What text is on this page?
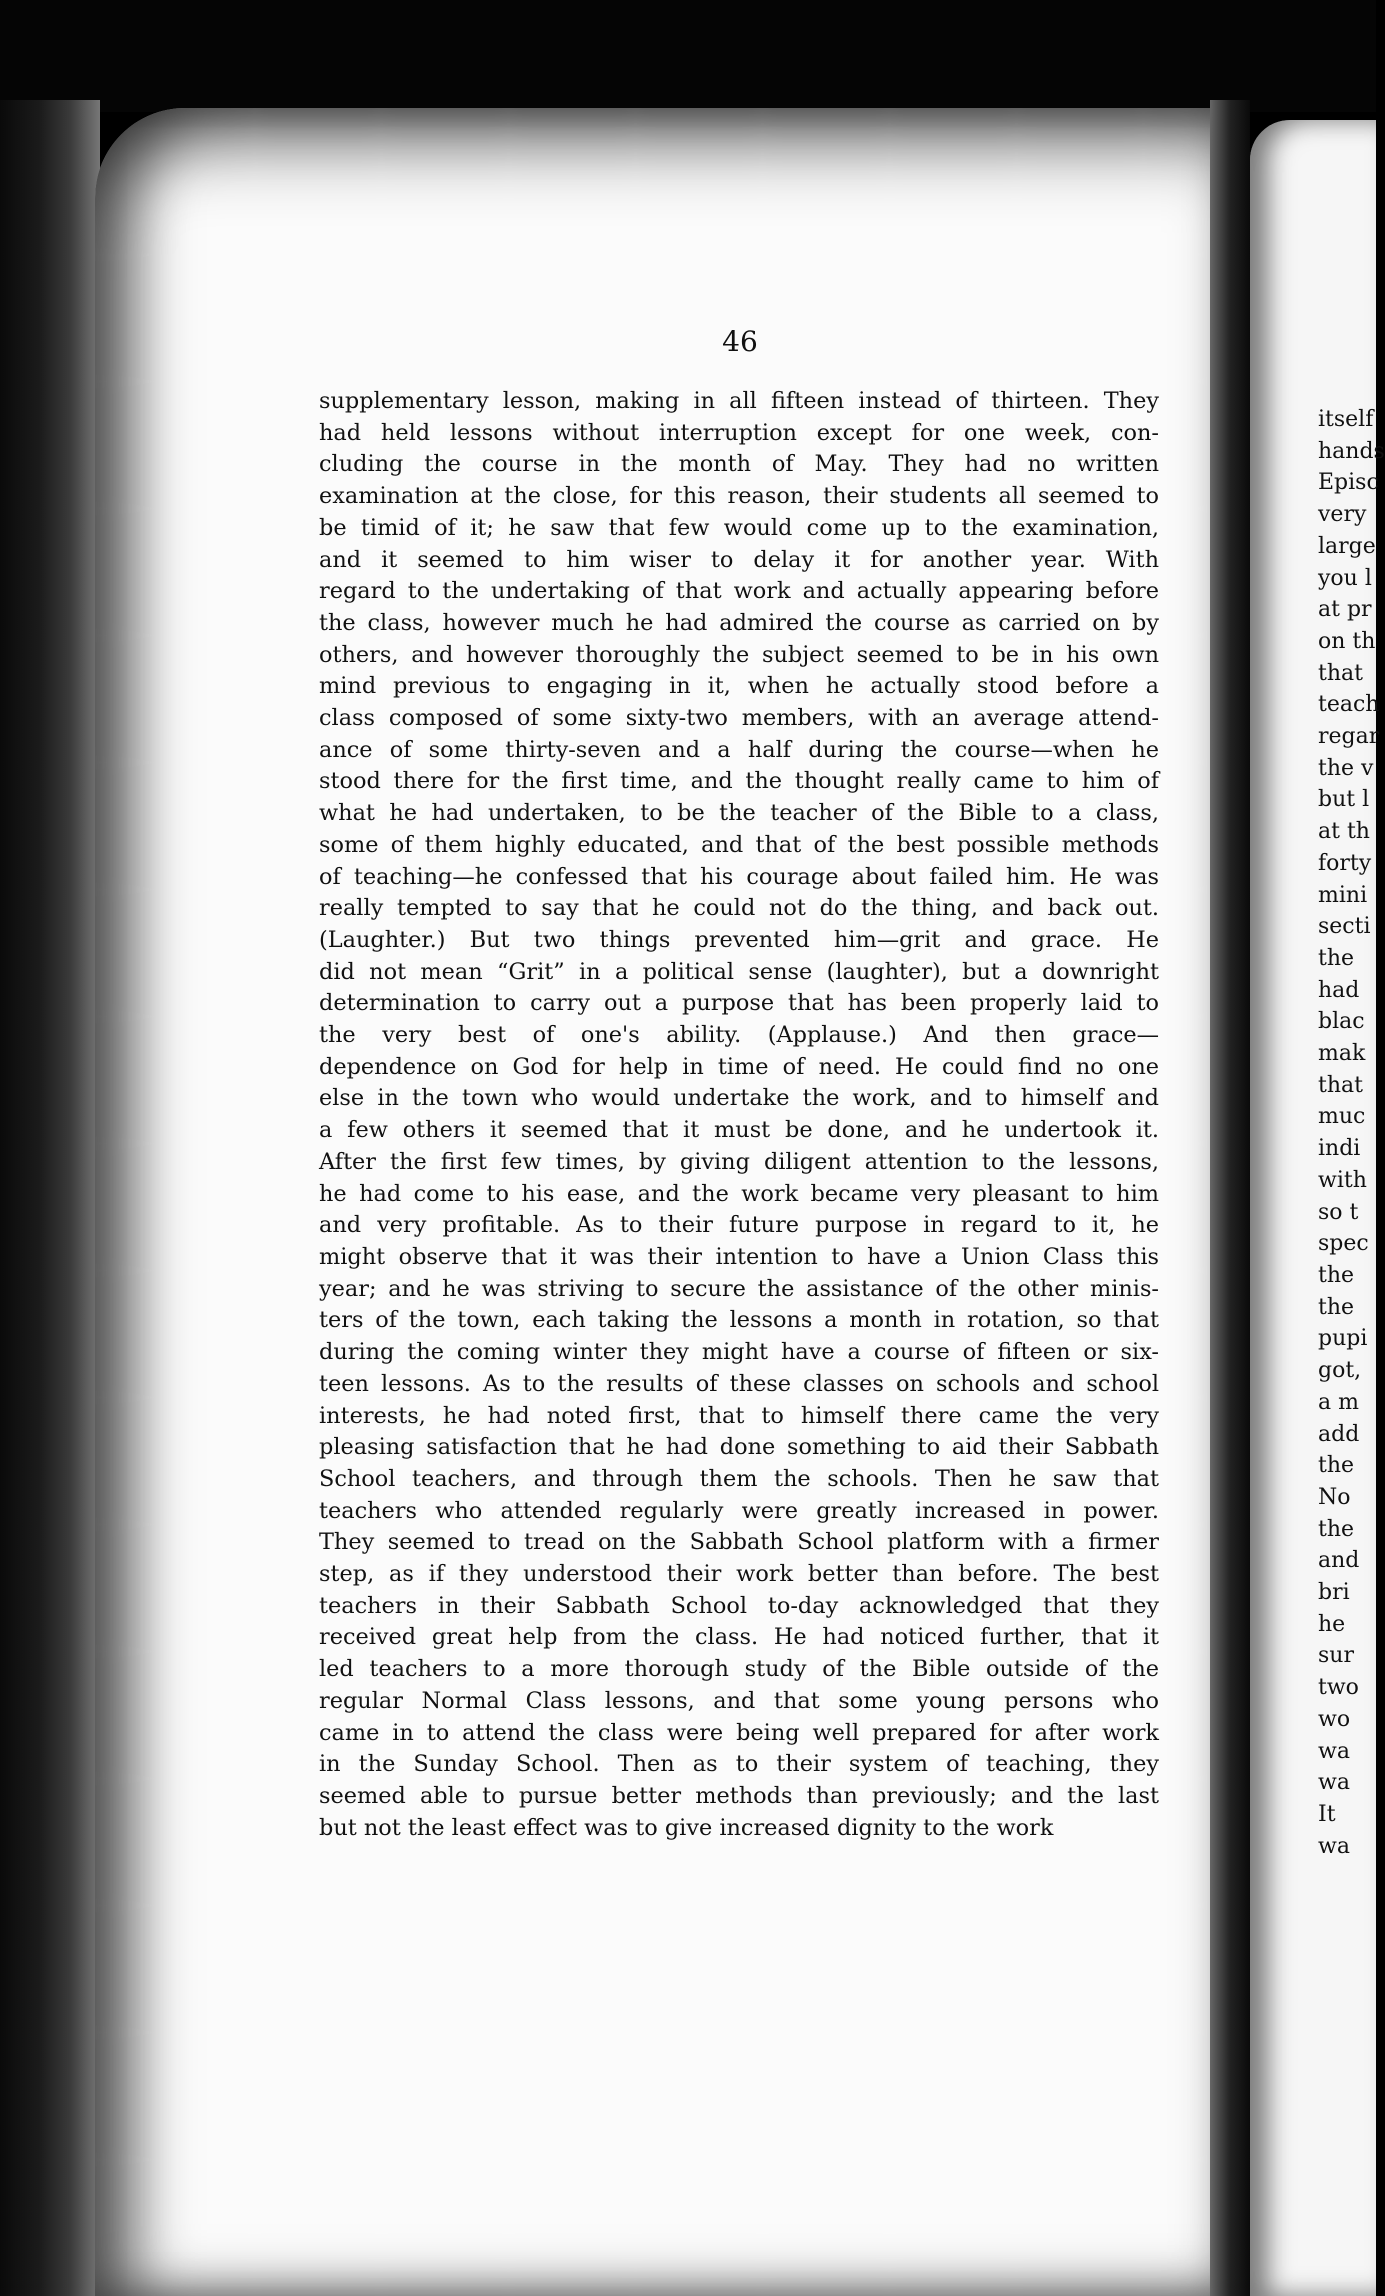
46
supplementary lesson, making in all fifteen instead of thirteen. They
had held lessons without interruption except for one week, con-
cluding the course in the month of May. They had no written
examination at the close, for this reason, their students all seemed to
be timid of it; he saw that few would come up to the examination,
and it seemed to him wiser to delay it for another year. With
regard to the undertaking of that work and actually appearing before
the class, however much he had admired the course as carried on by
others, and however thoroughly the subject seemed to be in his own
mind previous to engaging in it, when he actually stood before a
class composed of some sixty-two members, with an average attend-
ance of some thirty-seven and a half during the course—when he
stood there for the first time, and the thought really came to him of
what he had undertaken, to be the teacher of the Bible to a class,
some of them highly educated, and that of the best possible methods
of teaching—he confessed that his courage about failed him. He was
really tempted to say that he could not do the thing, and back out.
(Laughter.) But two things prevented him—grit and grace. He
did not mean “Grit” in a political sense (laughter), but a downright
determination to carry out a purpose that has been properly laid to
the very best of one's ability. (Applause.) And then grace—
dependence on God for help in time of need. He could find no one
else in the town who would undertake the work, and to himself and
a few others it seemed that it must be done, and he undertook it.
After the first few times, by giving diligent attention to the lessons,
he had come to his ease, and the work became very pleasant to him
and very profitable. As to their future purpose in regard to it, he
might observe that it was their intention to have a Union Class this
year; and he was striving to secure the assistance of the other minis-
ters of the town, each taking the lessons a month in rotation, so that
during the coming winter they might have a course of fifteen or six-
teen lessons. As to the results of these classes on schools and school
interests, he had noted first, that to himself there came the very
pleasing satisfaction that he had done something to aid their Sabbath
School teachers, and through them the schools. Then he saw that
teachers who attended regularly were greatly increased in power.
They seemed to tread on the Sabbath School platform with a firmer
step, as if they understood their work better than before. The best
teachers in their Sabbath School to-day acknowledged that they
received great help from the class. He had noticed further, that it
led teachers to a more thorough study of the Bible outside of the
regular Normal Class lessons, and that some young persons who
came in to attend the class were being well prepared for after work
in the Sunday School. Then as to their system of teaching, they
seemed able to pursue better methods than previously; and the last
but not the least effect was to give increased dignity to the work
itself
hands
Episc
very
large
you l
at pr
on th
that
teach
regar
the v
but l
at th
forty
mini
secti
the
had
blac
mak
that
muc
indi
with
so t
spec
the
the
pupi
got,
a m
add
the
No
the
and
bri
he
sur
two
wo
wa
wa
It
wa
